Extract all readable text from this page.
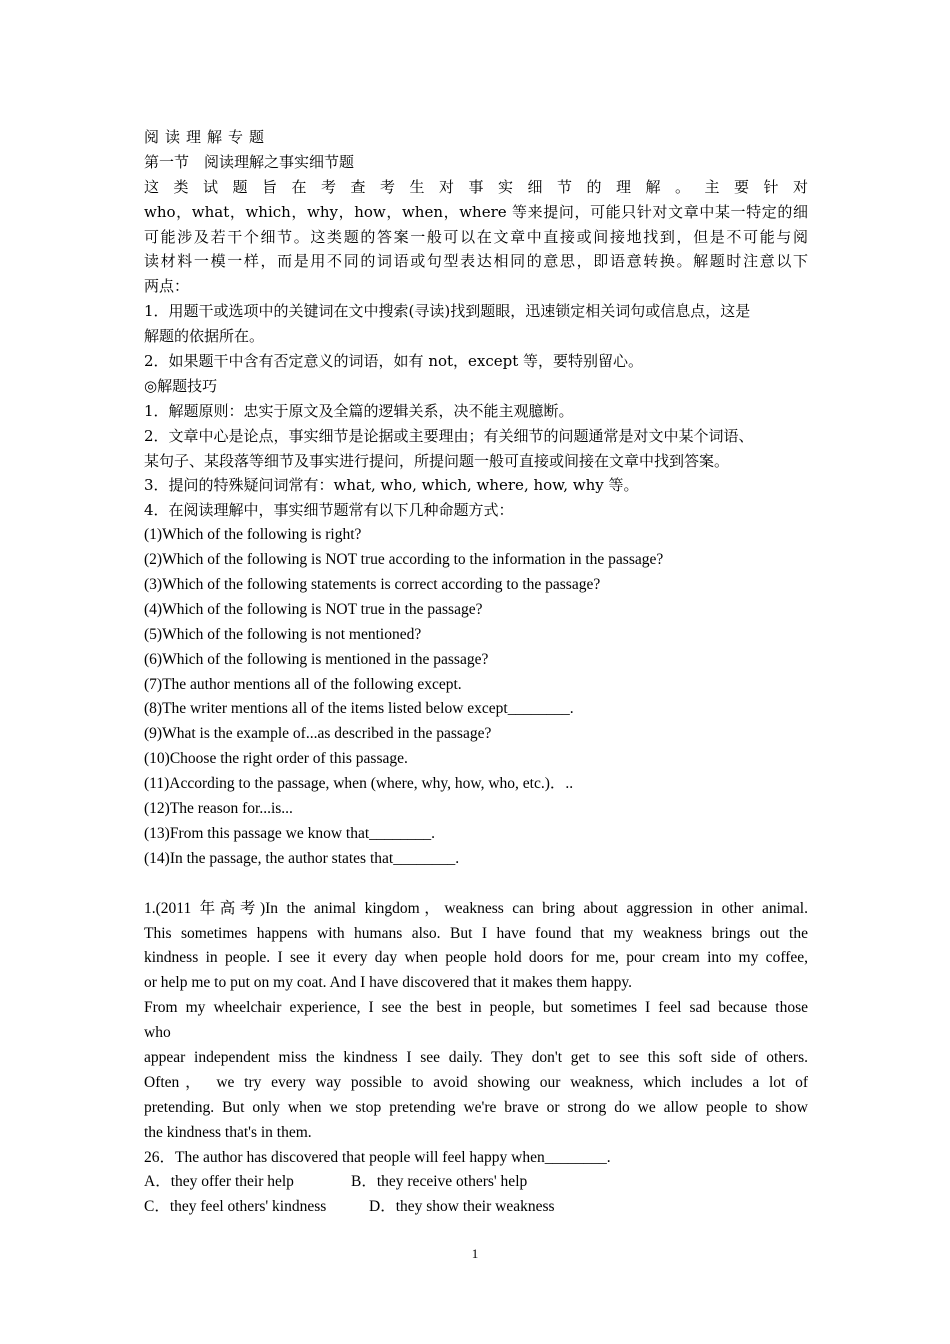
阅读理解专题
第一节　阅读理解之事实细节题
这 类 试 题 旨 在 考 查 考 生 对 事 实 细 节 的 理 解 。 主 要 针 对
who，what，which，why，how，when，where 等来提问，可能只针对文章中某一特定的细
可能涉及若干个细节。这类题的答案一般可以在文章中直接或间接地找到，但是不可能与阅
读材料一模一样，而是用不同的词语或句型表达相同的意思，即语意转换。解题时注意以下
两点：
1．用题干或选项中的关键词在文中搜索(寻读)找到题眼，迅速锁定相关词句或信息点，这是
解题的依据所在。
2．如果题干中含有否定意义的词语，如有 not，except 等，要特别留心。
◎解题技巧
1．解题原则：忠实于原文及全篇的逻辑关系，决不能主观臆断。
2．文章中心是论点，事实细节是论据或主要理由；有关细节的问题通常是对文中某个词语、
某句子、某段落等细节及事实进行提问，所提问题一般可直接或间接在文章中找到答案。
3．提问的特殊疑问词常有：what, who, which, where, how, why 等。
4．在阅读理解中，事实细节题常有以下几种命题方式：
(1)Which of the following is right?
(2)Which of the following is NOT true according to the information in the passage?
(3)Which of the following statements is correct according to the passage?
(4)Which of the following is NOT true in the passage?
(5)Which of the following is not mentioned?
(6)Which of the following is mentioned in the passage?
(7)The author mentions all of the following except.
(8)The writer mentions all of the items listed below except________.
(9)What is the example of...as described in the passage?
(10)Choose the right order of this passage.
(11)According to the passage, when (where, why, how, who, etc.)．..
(12)The reason for...is...
(13)From this passage we know that________.
(14)In the passage, the author states that________.
1.(2011 年高考)In the animal kingdom，weakness can bring about aggression in other animal.
This sometimes happens with humans also. But I have found that my weakness brings out the
kindness in people. I see it every day when people hold doors for me, pour cream into my coffee,
or help me to put on my coat. And I have discovered that it makes them happy.
From my wheelchair experience, I see the best in people, but sometimes I feel sad because those
who
appear independent miss the kindness I see daily. They don't get to see this soft side of others.
Often， we try every way possible to avoid showing our weakness, which includes a lot of
pretending. But only when we stop pretending we're brave or strong do we allow people to show
the kindness that's in them.
26．The author has discovered that people will feel happy when________.
A．they offer their help	B．they receive others' help
C．they feel others' kindness	D．they show their weakness
1
